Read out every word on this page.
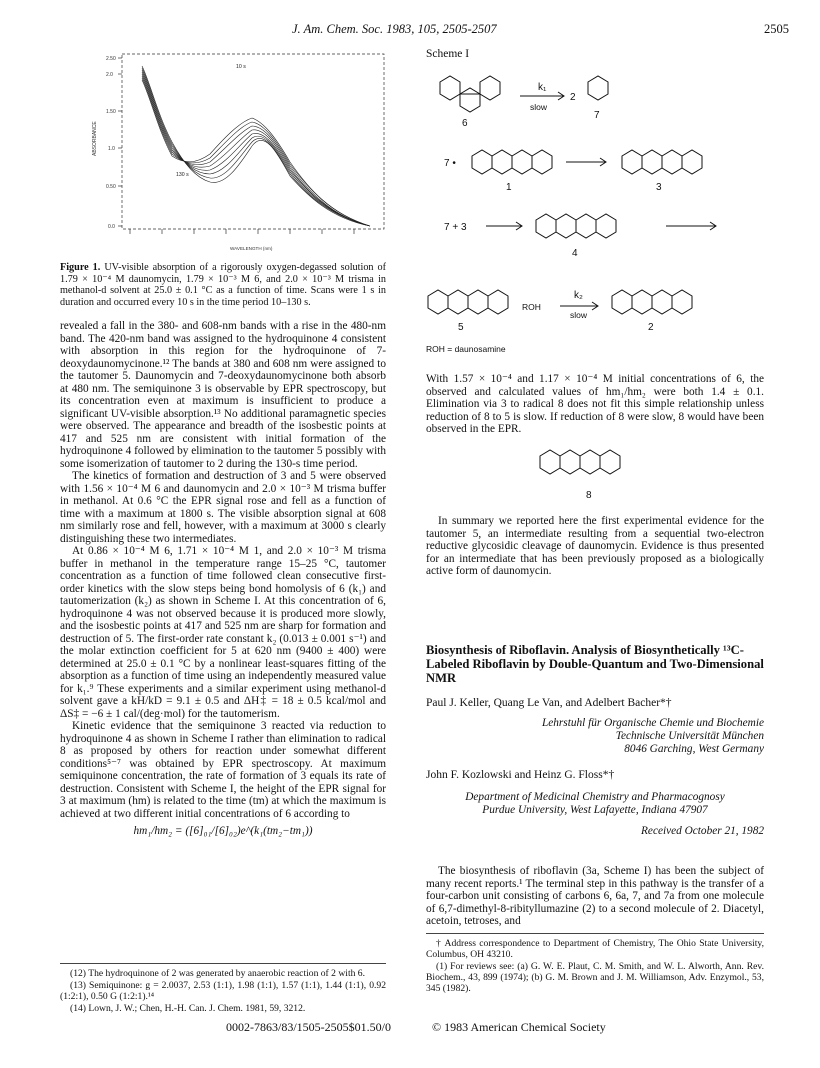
J. Am. Chem. Soc. 1983, 105, 2505-2507	2505
2.50
2.0
1.50
1.0
0.50
0.0
ABSORBANCE
WAVELENGTH (nm)
10 s
130 s
Figure 1. UV-visible absorption of a rigorously oxygen-degassed solution of 1.79 × 10⁻⁴ M daunomycin, 1.79 × 10⁻³ M 6, and 2.0 × 10⁻³ M trisma in methanol-d solvent at 25.0 ± 0.1 °C as a function of time. Scans were 1 s in duration and occurred every 10 s in the time period 10–130 s.

revealed a fall in the 380- and 608-nm bands with a rise in the 480-nm band. The 420-nm band was assigned to the hydroquinone 4 consistent with absorption in this region for the hydroquinone of 7-deoxydaunomycinone.¹² The bands at 380 and 608 nm were assigned to the tautomer 5. Daunomycin and 7-deoxydaunomycinone both absorb at 480 nm. The semiquinone 3 is observable by EPR spectroscopy, but its concentration even at maximum is insufficient to produce a significant UV-visible absorption.¹³ No additional paramagnetic species were observed. The appearance and breadth of the isosbestic points at 417 and 525 nm are consistent with initial formation of the hydroquinone 4 followed by elimination to the tautomer 5 possibly with some isomerization of tautomer to 2 during the 130-s time period.

The kinetics of formation and destruction of 3 and 5 were observed with 1.56 × 10⁻⁴ M 6 and daunomycin and 2.0 × 10⁻³ M trisma buffer in methanol. At 0.6 °C the EPR signal rose and fell as a function of time with a maximum at 1800 s. The visible absorption signal at 608 nm similarly rose and fell, however, with a maximum at 3000 s clearly distinguishing these two intermediates.

At 0.86 × 10⁻⁴ M 6, 1.71 × 10⁻⁴ M 1, and 2.0 × 10⁻³ M trisma buffer in methanol in the temperature range 15–25 °C, tautomer concentration as a function of time followed clean consecutive first-order kinetics with the slow steps being bond homolysis of 6 (k₁) and tautomerization (k₂) as shown in Scheme I. At this concentration of 6, hydroquinone 4 was not observed because it is produced more slowly, and the isosbestic points at 417 and 525 nm are sharp for formation and destruction of 5. The first-order rate constant k₂ (0.013 ± 0.001 s⁻¹) and the molar extinction coefficient for 5 at 620 nm (9400 ± 400) were determined at 25.0 ± 0.1 °C by a nonlinear least-squares fitting of the absorption as a function of time using an independently measured value for k₁.⁹ These experiments and a similar experiment using methanol-d solvent gave a kH/kD = 9.1 ± 0.5 and ΔH‡ = 18 ± 0.5 kcal/mol and ΔS‡ = −6 ± 1 cal/(deg·mol) for the tautomerism.

Kinetic evidence that the semiquinone 3 reacted via reduction to hydroquinone 4 as shown in Scheme I rather than elimination to radical 8 as proposed by others for reaction under somewhat different conditions⁵⁻⁷ was obtained by EPR spectroscopy. At maximum semiquinone concentration, the rate of formation of 3 equals its rate of destruction. Consistent with Scheme I, the height of the EPR signal for 3 at maximum (hm) is related to the time (tm) at which the maximum is achieved at two different initial concentrations of 6 according to

hm₁/hm₂ = ([6]₀₁/[6]₀₂)e^(k₁(tm₂−tm₁))

(12) The hydroquinone of 2 was generated by anaerobic reaction of 2 with 6.

(13) Semiquinone: g = 2.0037, 2.53 (1:1), 1.98 (1:1), 1.57 (1:1), 1.44 (1:1), 0.92 (1:2:1), 0.50 G (1:2:1).¹⁴

(14) Lown, J. W.; Chen, H.-H. Can. J. Chem. 1981, 59, 3212.

Scheme I
k₁
slow
2
6
7
7 •
1	3
7 + 3
4
5
ROH
k₂
slow
2
ROH = daunosamine

With 1.57 × 10⁻⁴ and 1.17 × 10⁻⁴ M initial concentrations of 6, the observed and calculated values of hm₁/hm₂ were both 1.4 ± 0.1. Elimination via 3 to radical 8 does not fit this simple relationship unless reduction of 8 to 5 is slow. If reduction of 8 were slow, 8 would have been observed in the EPR.

8

In summary we reported here the first experimental evidence for the tautomer 5, an intermediate resulting from a sequential two-electron reductive glycosidic cleavage of daunomycin. Evidence is thus presented for an intermediate that has been previously proposed as a biologically active form of daunomycin.

Biosynthesis of Riboflavin. Analysis of Biosynthetically ¹³C-Labeled Riboflavin by Double-Quantum and Two-Dimensional NMR
Paul J. Keller, Quang Le Van, and Adelbert Bacher*†
Lehrstuhl für Organische Chemie und Biochemie
Technische Universität München
8046 Garching, West Germany
John F. Kozlowski and Heinz G. Floss*†
Department of Medicinal Chemistry and Pharmacognosy
Purdue University, West Lafayette, Indiana 47907
Received October 21, 1982

The biosynthesis of riboflavin (3a, Scheme I) has been the subject of many recent reports.¹ The terminal step in this pathway is the transfer of a four-carbon unit consisting of carbons 6, 6a, 7, and 7a from one molecule of 6,7-dimethyl-8-ribityllumazine (2) to a second molecule of 2. Diacetyl, acetoin, tetroses, and

† Address correspondence to Department of Chemistry, The Ohio State University, Columbus, OH 43210.

(1) For reviews see: (a) G. W. E. Plaut, C. M. Smith, and W. L. Alworth, Ann. Rev. Biochem., 43, 899 (1974); (b) G. M. Brown and J. M. Williamson, Adv. Enzymol., 53, 345 (1982).

0002-7863/83/1505-2505$01.50/0	© 1983 American Chemical Society
